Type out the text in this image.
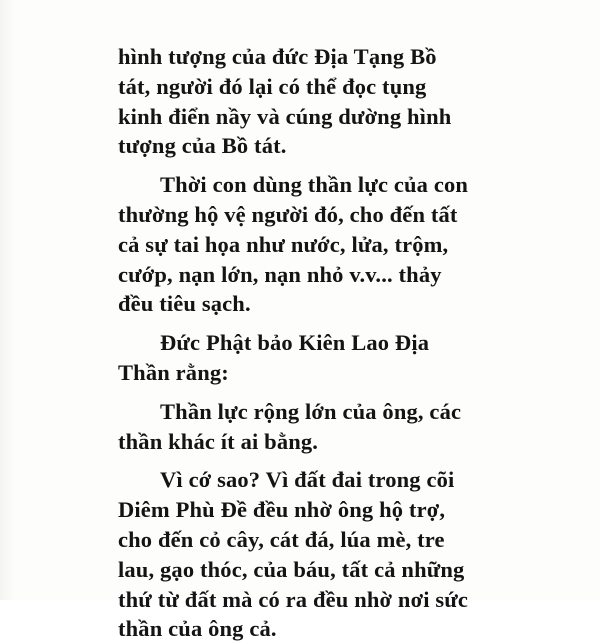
hình tượng của đức Địa Tạng Bồ
tát, người đó lại có thể đọc tụng
kinh điển nầy và cúng dường hình
tượng của Bồ tát.
Thời con dùng thần lực của con
thường hộ vệ người đó, cho đến tất
cả sự tai họa như nước, lửa, trộm,
cướp, nạn lớn, nạn nhỏ v.v... thảy
đều tiêu sạch.
Đức Phật bảo Kiên Lao Địa
Thần rằng:
Thần lực rộng lớn của ông, các
thần khác ít ai bằng.
Vì cớ sao? Vì đất đai trong cõi
Diêm Phù Đề đều nhờ ông hộ trợ,
cho đến cỏ cây, cát đá, lúa mè, tre
lau, gạo thóc, của báu, tất cả những
thứ từ đất mà có ra đều nhờ nơi sức
thần của ông cả.
